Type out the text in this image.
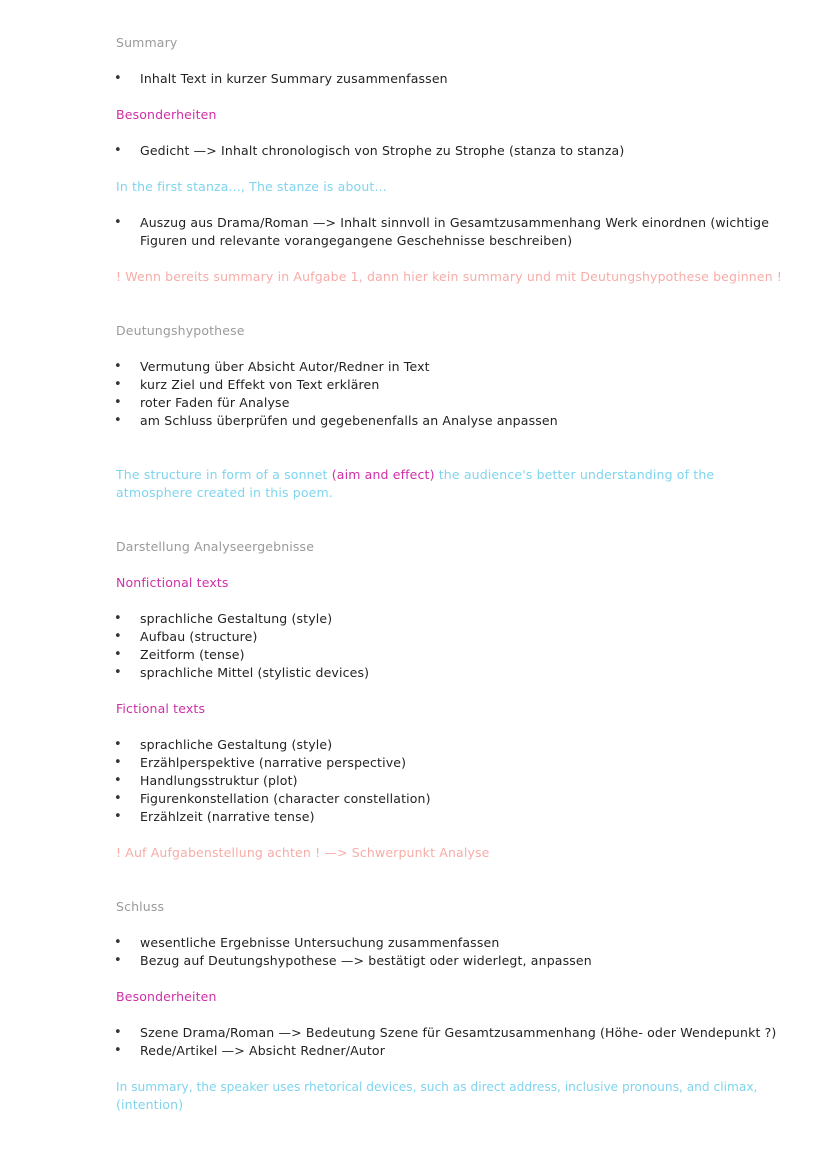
Summary
• Inhalt Text in kurzer Summary zusammenfassen
Besonderheiten
• Gedicht —> Inhalt chronologisch von Strophe zu Strophe (stanza to stanza)
In the first stanza..., The stanze is about...
• Auszug aus Drama/Roman —> Inhalt sinnvoll in Gesamtzusammenhang Werk einordnen (wichtige
Figuren und relevante vorangegangene Geschehnisse beschreiben)
! Wenn bereits summary in Aufgabe 1, dann hier kein summary und mit Deutungshypothese beginnen !
Deutungshypothese
• Vermutung über Absicht Autor/Redner in Text
• kurz Ziel und Effekt von Text erklären
• roter Faden für Analyse
• am Schluss überprüfen und gegebenenfalls an Analyse anpassen
The structure in form of a sonnet (aim and effect) the audience's better understanding of the
atmosphere created in this poem.
Darstellung Analyseergebnisse
Nonfictional texts
• sprachliche Gestaltung (style)
• Aufbau (structure)
• Zeitform (tense)
• sprachliche Mittel (stylistic devices)
Fictional texts
• sprachliche Gestaltung (style)
• Erzählperspektive (narrative perspective)
• Handlungsstruktur (plot)
• Figurenkonstellation (character constellation)
• Erzählzeit (narrative tense)
! Auf Aufgabenstellung achten ! —> Schwerpunkt Analyse
Schluss
• wesentliche Ergebnisse Untersuchung zusammenfassen
• Bezug auf Deutungshypothese —> bestätigt oder widerlegt, anpassen
Besonderheiten
• Szene Drama/Roman —> Bedeutung Szene für Gesamtzusammenhang (Höhe- oder Wendepunkt ?)
• Rede/Artikel —> Absicht Redner/Autor
In summary, the speaker uses rhetorical devices, such as direct address, inclusive pronouns, and climax,
(intention)
